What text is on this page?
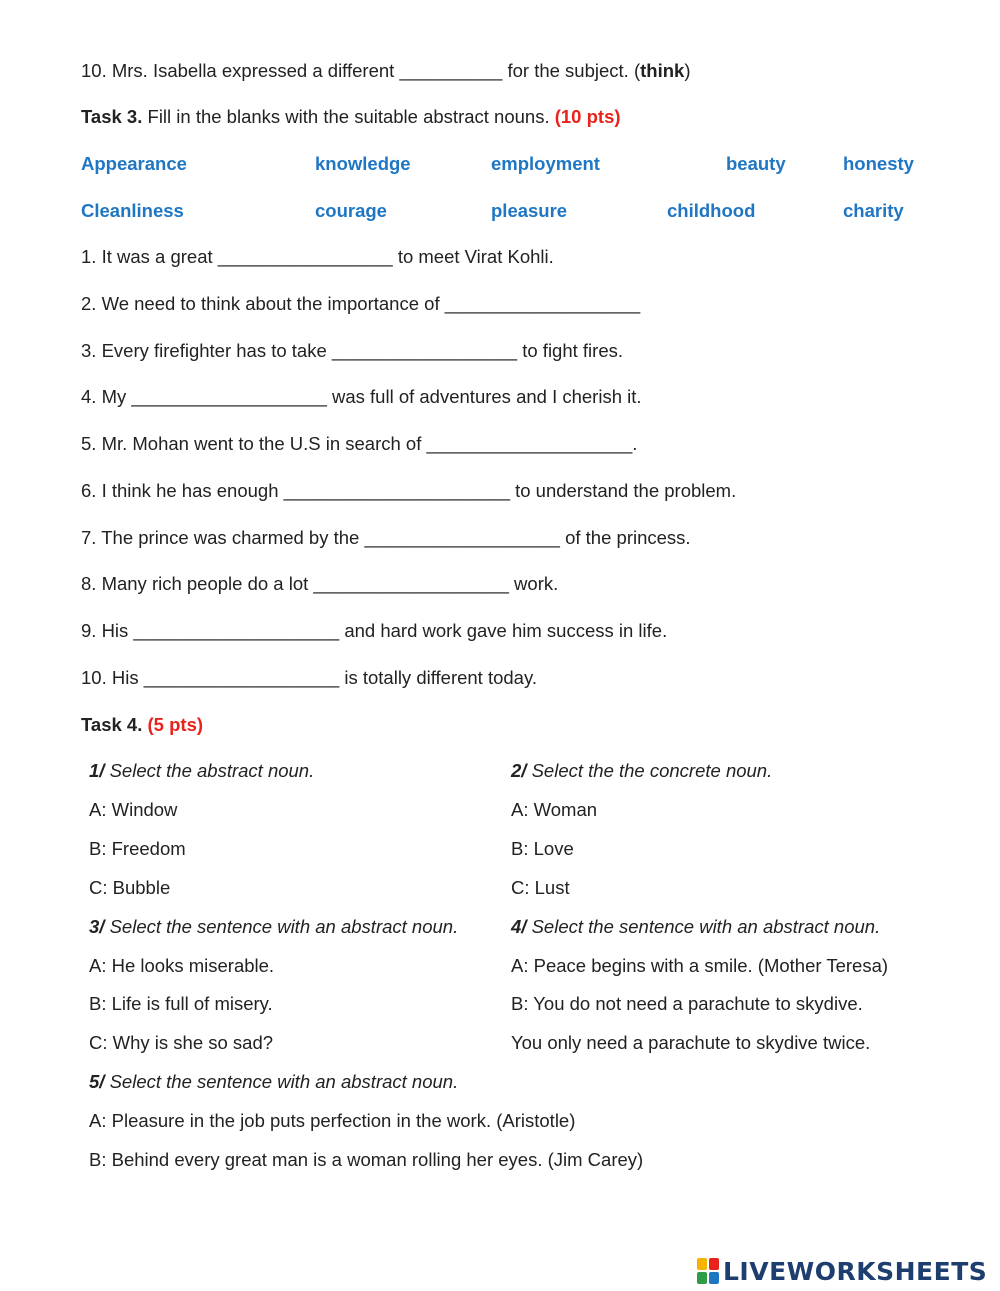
10. Mrs. Isabella expressed a different __________ for the subject. (think)
Task 3. Fill in the blanks with the suitable abstract nouns. (10 pts)
Appearance	knowledge	employment	beauty	honesty
Cleanliness	courage	pleasure	childhood	charity
1. It was a great _________________ to meet Virat Kohli.
2. We need to think about the importance of ___________________
3. Every firefighter has to take __________________ to fight fires.
4. My ___________________ was full of adventures and I cherish it.
5. Mr. Mohan went to the U.S in search of ____________________.
6. I think he has enough ______________________ to understand the problem.
7. The prince was charmed by the ___________________ of the princess.
8. Many rich people do a lot ___________________ work.
9. His ____________________ and hard work gave him success in life.
10. His ___________________ is totally different today.
Task 4. (5 pts)
1/ Select the abstract noun.
A: Window
B: Freedom
C: Bubble
2/ Select the the concrete noun.
A: Woman
B: Love
C: Lust
3/ Select the sentence with an abstract noun.
A: He looks miserable.
B: Life is full of misery.
C: Why is she so sad?
4/ Select the sentence with an abstract noun.
A: Peace begins with a smile. (Mother Teresa)
B: You do not need a parachute to skydive.
You only need a parachute to skydive twice.
5/ Select the sentence with an abstract noun.
A: Pleasure in the job puts perfection in the work. (Aristotle)
B: Behind every great man is a woman rolling her eyes. (Jim Carey)
LIVEWORKSHEETS
